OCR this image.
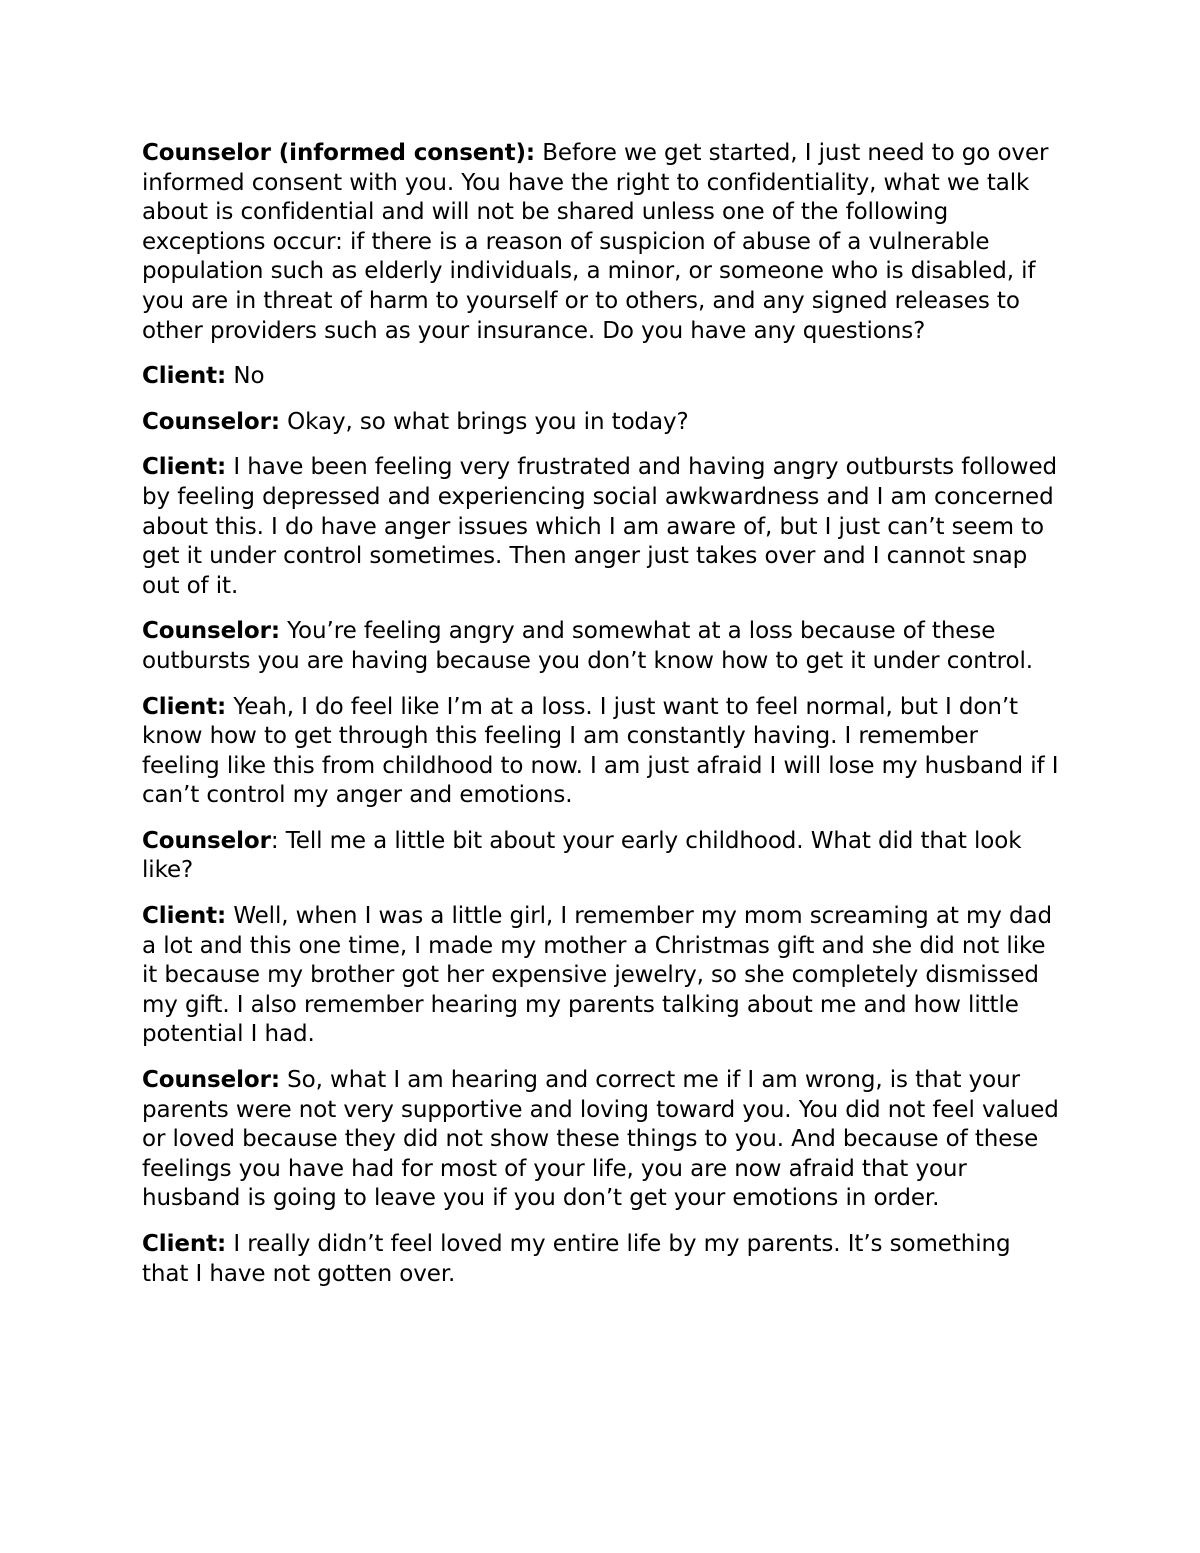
Counselor (informed consent): Before we get started, I just need to go over informed consent with you. You have the right to confidentiality, what we talk about is confidential and will not be shared unless one of the following exceptions occur: if there is a reason of suspicion of abuse of a vulnerable population such as elderly individuals, a minor, or someone who is disabled, if you are in threat of harm to yourself or to others, and any signed releases to other providers such as your insurance. Do you have any questions?

Client: No

Counselor: Okay, so what brings you in today?

Client: I have been feeling very frustrated and having angry outbursts followed by feeling depressed and experiencing social awkwardness and I am concerned about this. I do have anger issues which I am aware of, but I just can’t seem to get it under control sometimes. Then anger just takes over and I cannot snap out of it.

Counselor: You’re feeling angry and somewhat at a loss because of these outbursts you are having because you don’t know how to get it under control.

Client: Yeah, I do feel like I’m at a loss. I just want to feel normal, but I don’t know how to get through this feeling I am constantly having. I remember feeling like this from childhood to now. I am just afraid I will lose my husband if I can’t control my anger and emotions.

Counselor: Tell me a little bit about your early childhood. What did that look like?

Client: Well, when I was a little girl, I remember my mom screaming at my dad a lot and this one time, I made my mother a Christmas gift and she did not like it because my brother got her expensive jewelry, so she completely dismissed my gift. I also remember hearing my parents talking about me and how little potential I had.

Counselor: So, what I am hearing and correct me if I am wrong, is that your parents were not very supportive and loving toward you. You did not feel valued or loved because they did not show these things to you. And because of these feelings you have had for most of your life, you are now afraid that your husband is going to leave you if you don’t get your emotions in order.

Client: I really didn’t feel loved my entire life by my parents. It’s something that I have not gotten over.
